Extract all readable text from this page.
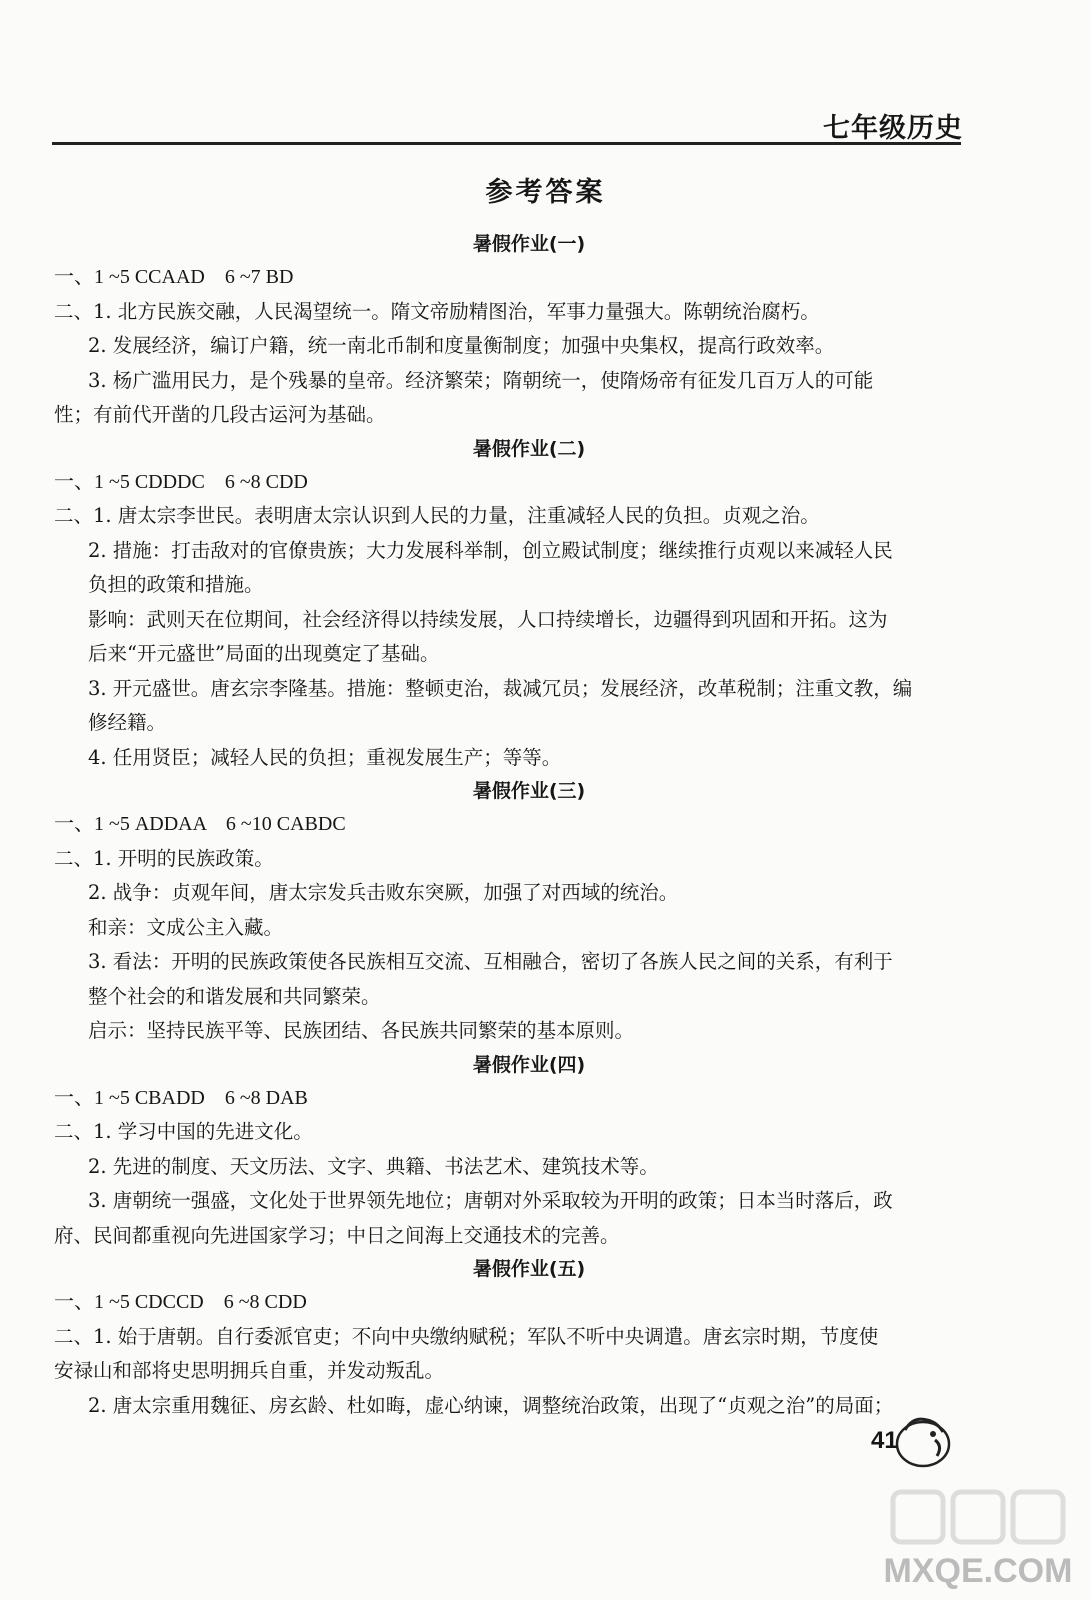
七年级历史
参考答案
暑假作业(一)
一、1 ~5 CCAAD　6 ~7 BD
二、1. 北方民族交融，人民渴望统一。隋文帝励精图治，军事力量强大。陈朝统治腐朽。
2. 发展经济，编订户籍，统一南北币制和度量衡制度；加强中央集权，提高行政效率。
3. 杨广滥用民力，是个残暴的皇帝。经济繁荣；隋朝统一，使隋炀帝有征发几百万人的可能
性；有前代开凿的几段古运河为基础。
暑假作业(二)
一、1 ~5 CDDDC　6 ~8 CDD
二、1. 唐太宗李世民。表明唐太宗认识到人民的力量，注重减轻人民的负担。贞观之治。
2. 措施：打击敌对的官僚贵族；大力发展科举制，创立殿试制度；继续推行贞观以来减轻人民
负担的政策和措施。
影响：武则天在位期间，社会经济得以持续发展，人口持续增长，边疆得到巩固和开拓。这为
后来“开元盛世”局面的出现奠定了基础。
3. 开元盛世。唐玄宗李隆基。措施：整顿吏治，裁减冗员；发展经济，改革税制；注重文教，编
修经籍。
4. 任用贤臣；减轻人民的负担；重视发展生产；等等。
暑假作业(三)
一、1 ~5 ADDAA　6 ~10 CABDC
二、1. 开明的民族政策。
2. 战争：贞观年间，唐太宗发兵击败东突厥，加强了对西域的统治。
和亲：文成公主入藏。
3. 看法：开明的民族政策使各民族相互交流、互相融合，密切了各族人民之间的关系，有利于
整个社会的和谐发展和共同繁荣。
启示：坚持民族平等、民族团结、各民族共同繁荣的基本原则。
暑假作业(四)
一、1 ~5 CBADD　6 ~8 DAB
二、1. 学习中国的先进文化。
2. 先进的制度、天文历法、文字、典籍、书法艺术、建筑技术等。
3. 唐朝统一强盛，文化处于世界领先地位；唐朝对外采取较为开明的政策；日本当时落后，政
府、民间都重视向先进国家学习；中日之间海上交通技术的完善。
暑假作业(五)
一、1 ~5 CDCCD　6 ~8 CDD
二、1. 始于唐朝。自行委派官吏；不向中央缴纳赋税；军队不听中央调遣。唐玄宗时期，节度使
安禄山和部将史思明拥兵自重，并发动叛乱。
2. 唐太宗重用魏征、房玄龄、杜如晦，虚心纳谏，调整统治政策，出现了“贞观之治”的局面；
41
MXQE.COM
